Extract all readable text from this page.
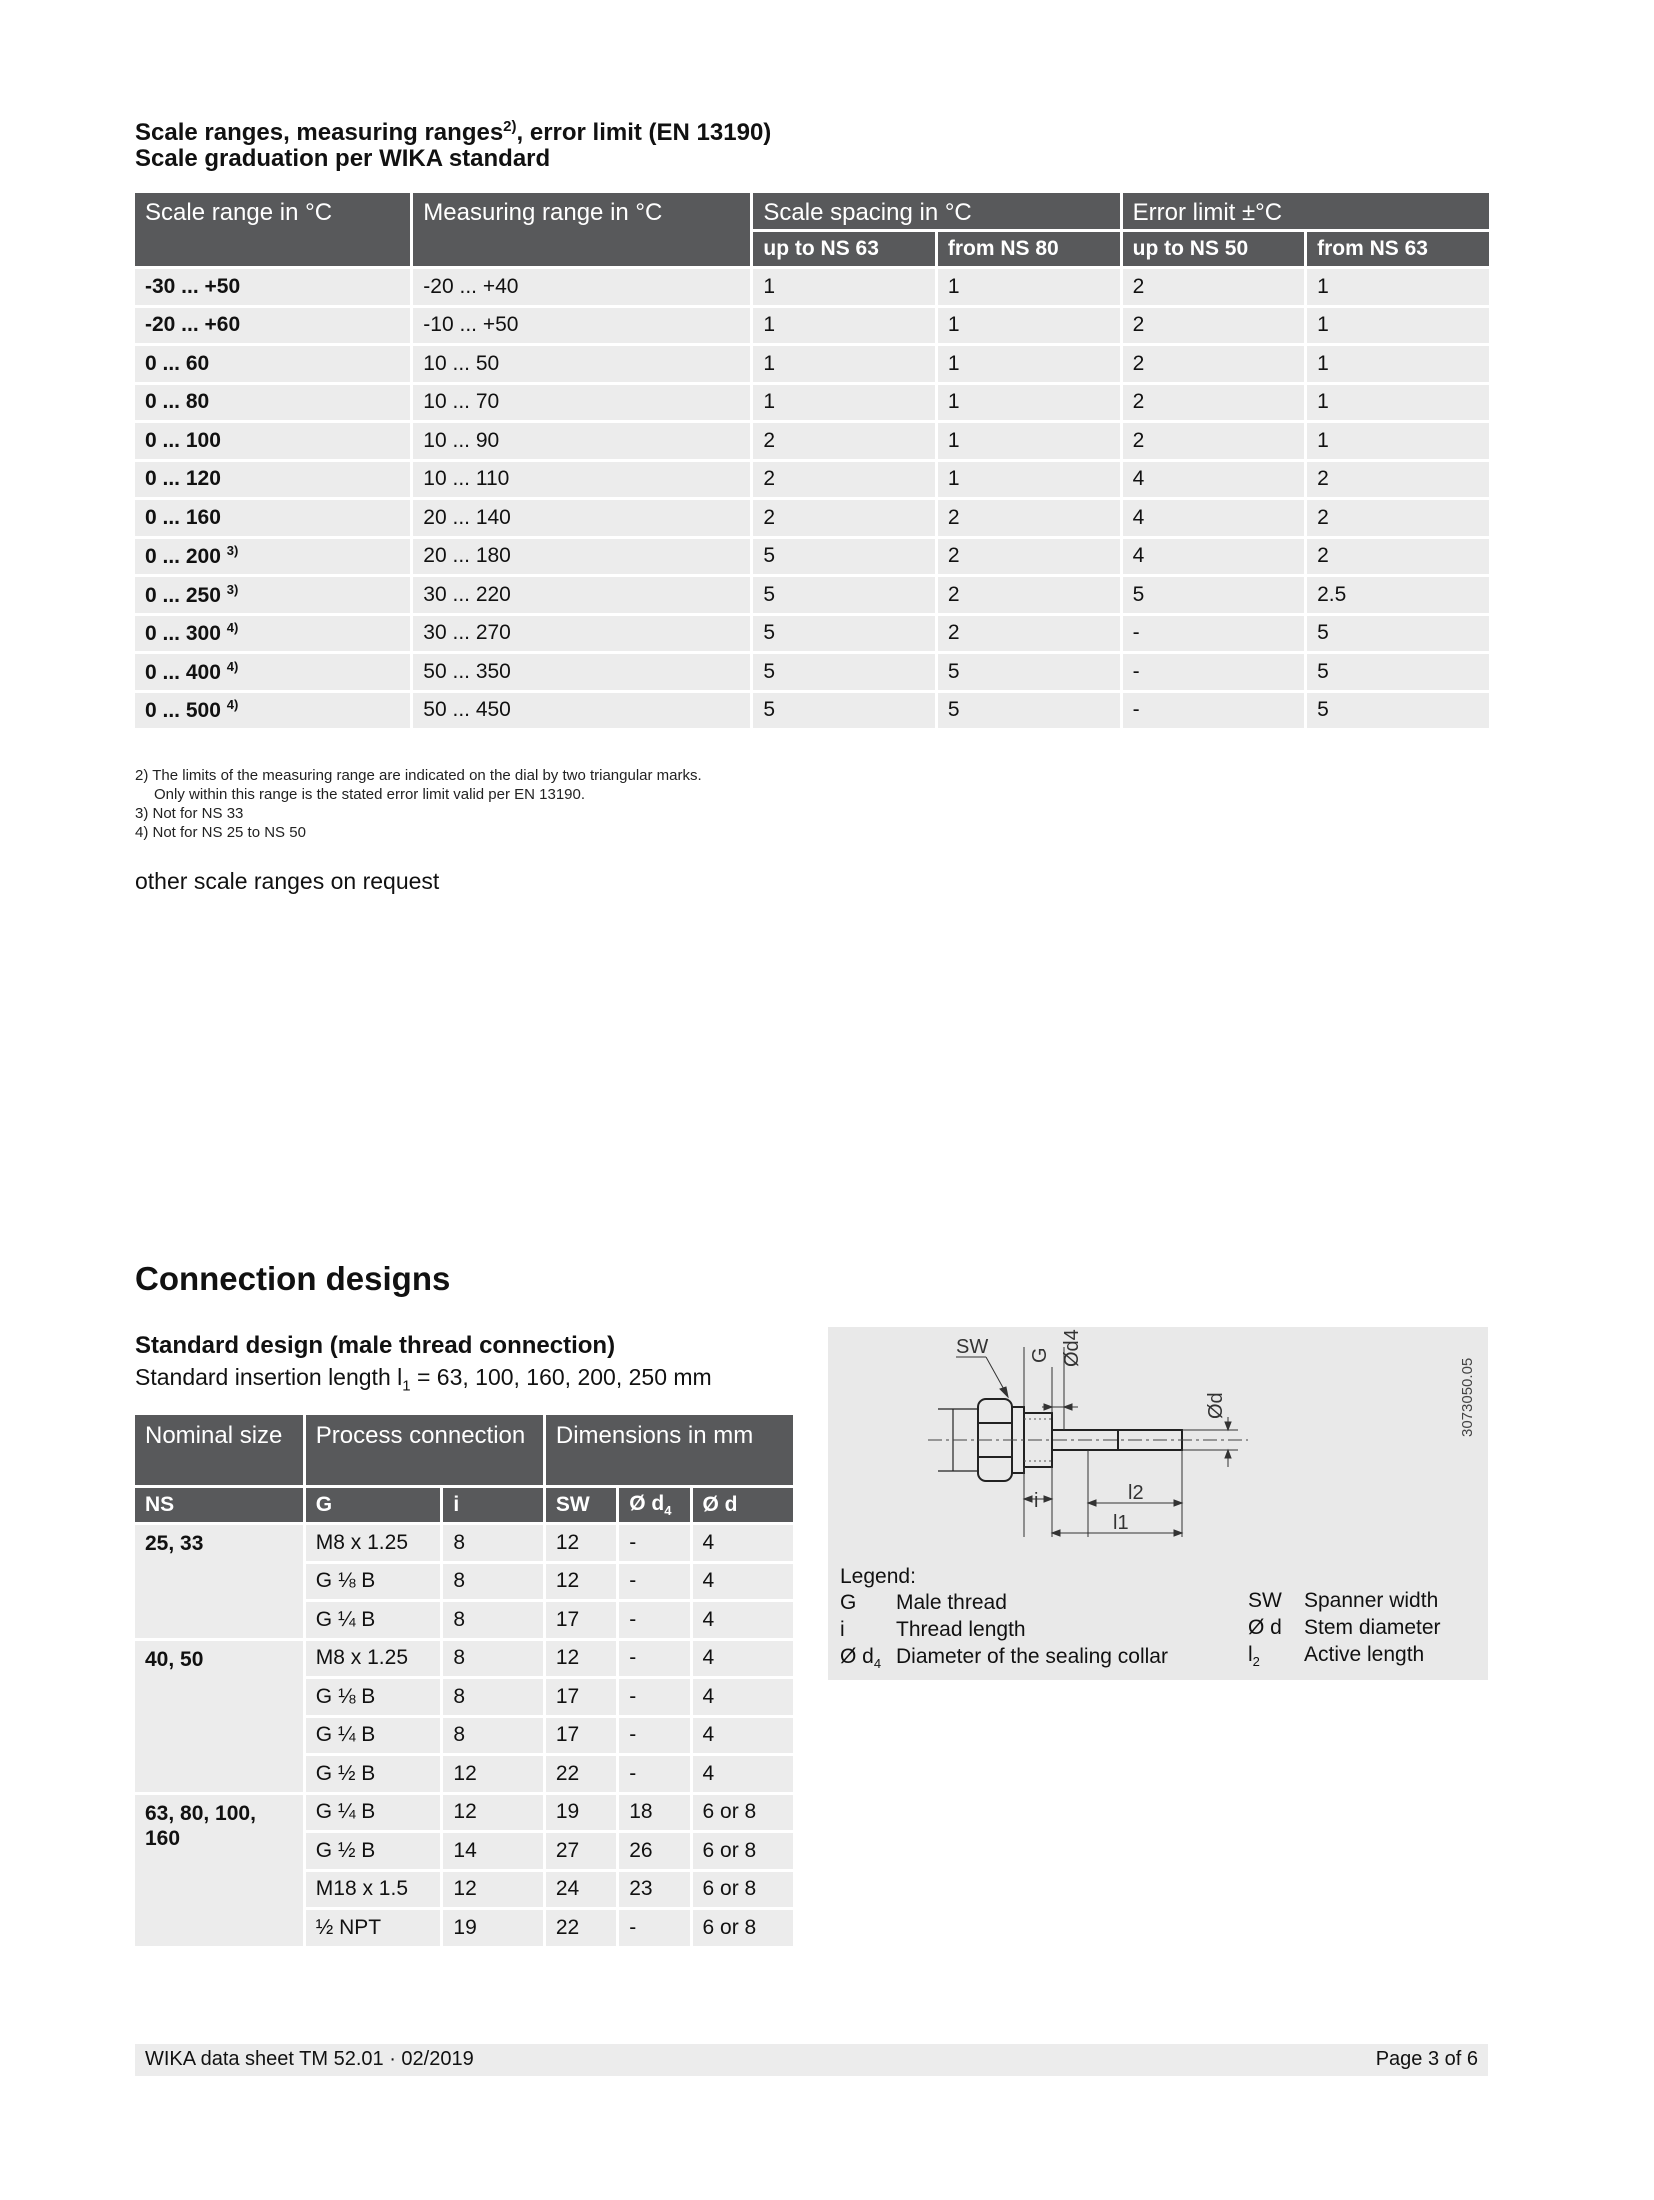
Scale ranges, measuring ranges$^{2)}$, error limit (EN 13190)
Scale graduation per WIKA standard
Scale range in °C	Measuring range in °C	Scale spacing in °C		Error limit ±°C	
		up to NS 63	from NS 80	up to NS 50	from NS 63
-30 ... +50	-20 ... +40	1	1	2	1
-20 ... +60	-10 ... +50	1	1	2	1
0 ... 60	10 ... 50	1	1	2	1
0 ... 80	10 ... 70	1	1	2	1
0 ... 100	10 ... 90	2	1	2	1
0 ... 120	10 ... 110	2	1	4	2
0 ... 160	20 ... 140	2	2	4	2
0 ... 200 $^{3)}$	20 ... 180	5	2	4	2
0 ... 250 $^{3)}$	30 ... 220	5	2	5	2.5
0 ... 300 $^{4)}$	30 ... 270	5	2	-	5
0 ... 400 $^{4)}$	50 ... 350	5	5	-	5
0 ... 500 $^{4)}$	50 ... 450	5	5	-	5
2) The limits of the measuring range are indicated on the dial by two triangular marks.
Only within this range is the stated error limit valid per EN 13190.
3) Not for NS 33
4) Not for NS 25 to NS 50
other scale ranges on request
Connection designs
Standard design (male thread connection)
Standard insertion length $l_1 = 63$, 100, 160, 200, 250 mm
Nominal size	Process connection		Dimensions in mm		
NS	G	i	SW	Ø $d_4$	Ø d
25, 33	M8 x 1.25	8	12	-	4
	G ⅛ B	8	12	-	4
	G ¼ B	8	17	-	4
40, 50	M8 x 1.25	8	12	-	4
	G ⅛ B	8	17	-	4
	G ¼ B	8	17	-	4
	G ½ B	12	22	-	4
63, 80, 100, 160	G ¼ B	12	19	18	6 or 8
	G ½ B	14	27	26	6 or 8
	M18 x 1.5	12	24	23	6 or 8
	½ NPT	19	22	-	6 or 8
SW
i	l2
l1
G Ød4
Ød	3073050.05
Legend:
G	Male thread
i	Thread length
Ø $d_4$ Diameter of the sealing collar
SW	Spanner width
Ø d	Stem diameter
$l_2$	Active length
WIKA data sheet TM 52.01 · 02/2019	Page 3 of 6
